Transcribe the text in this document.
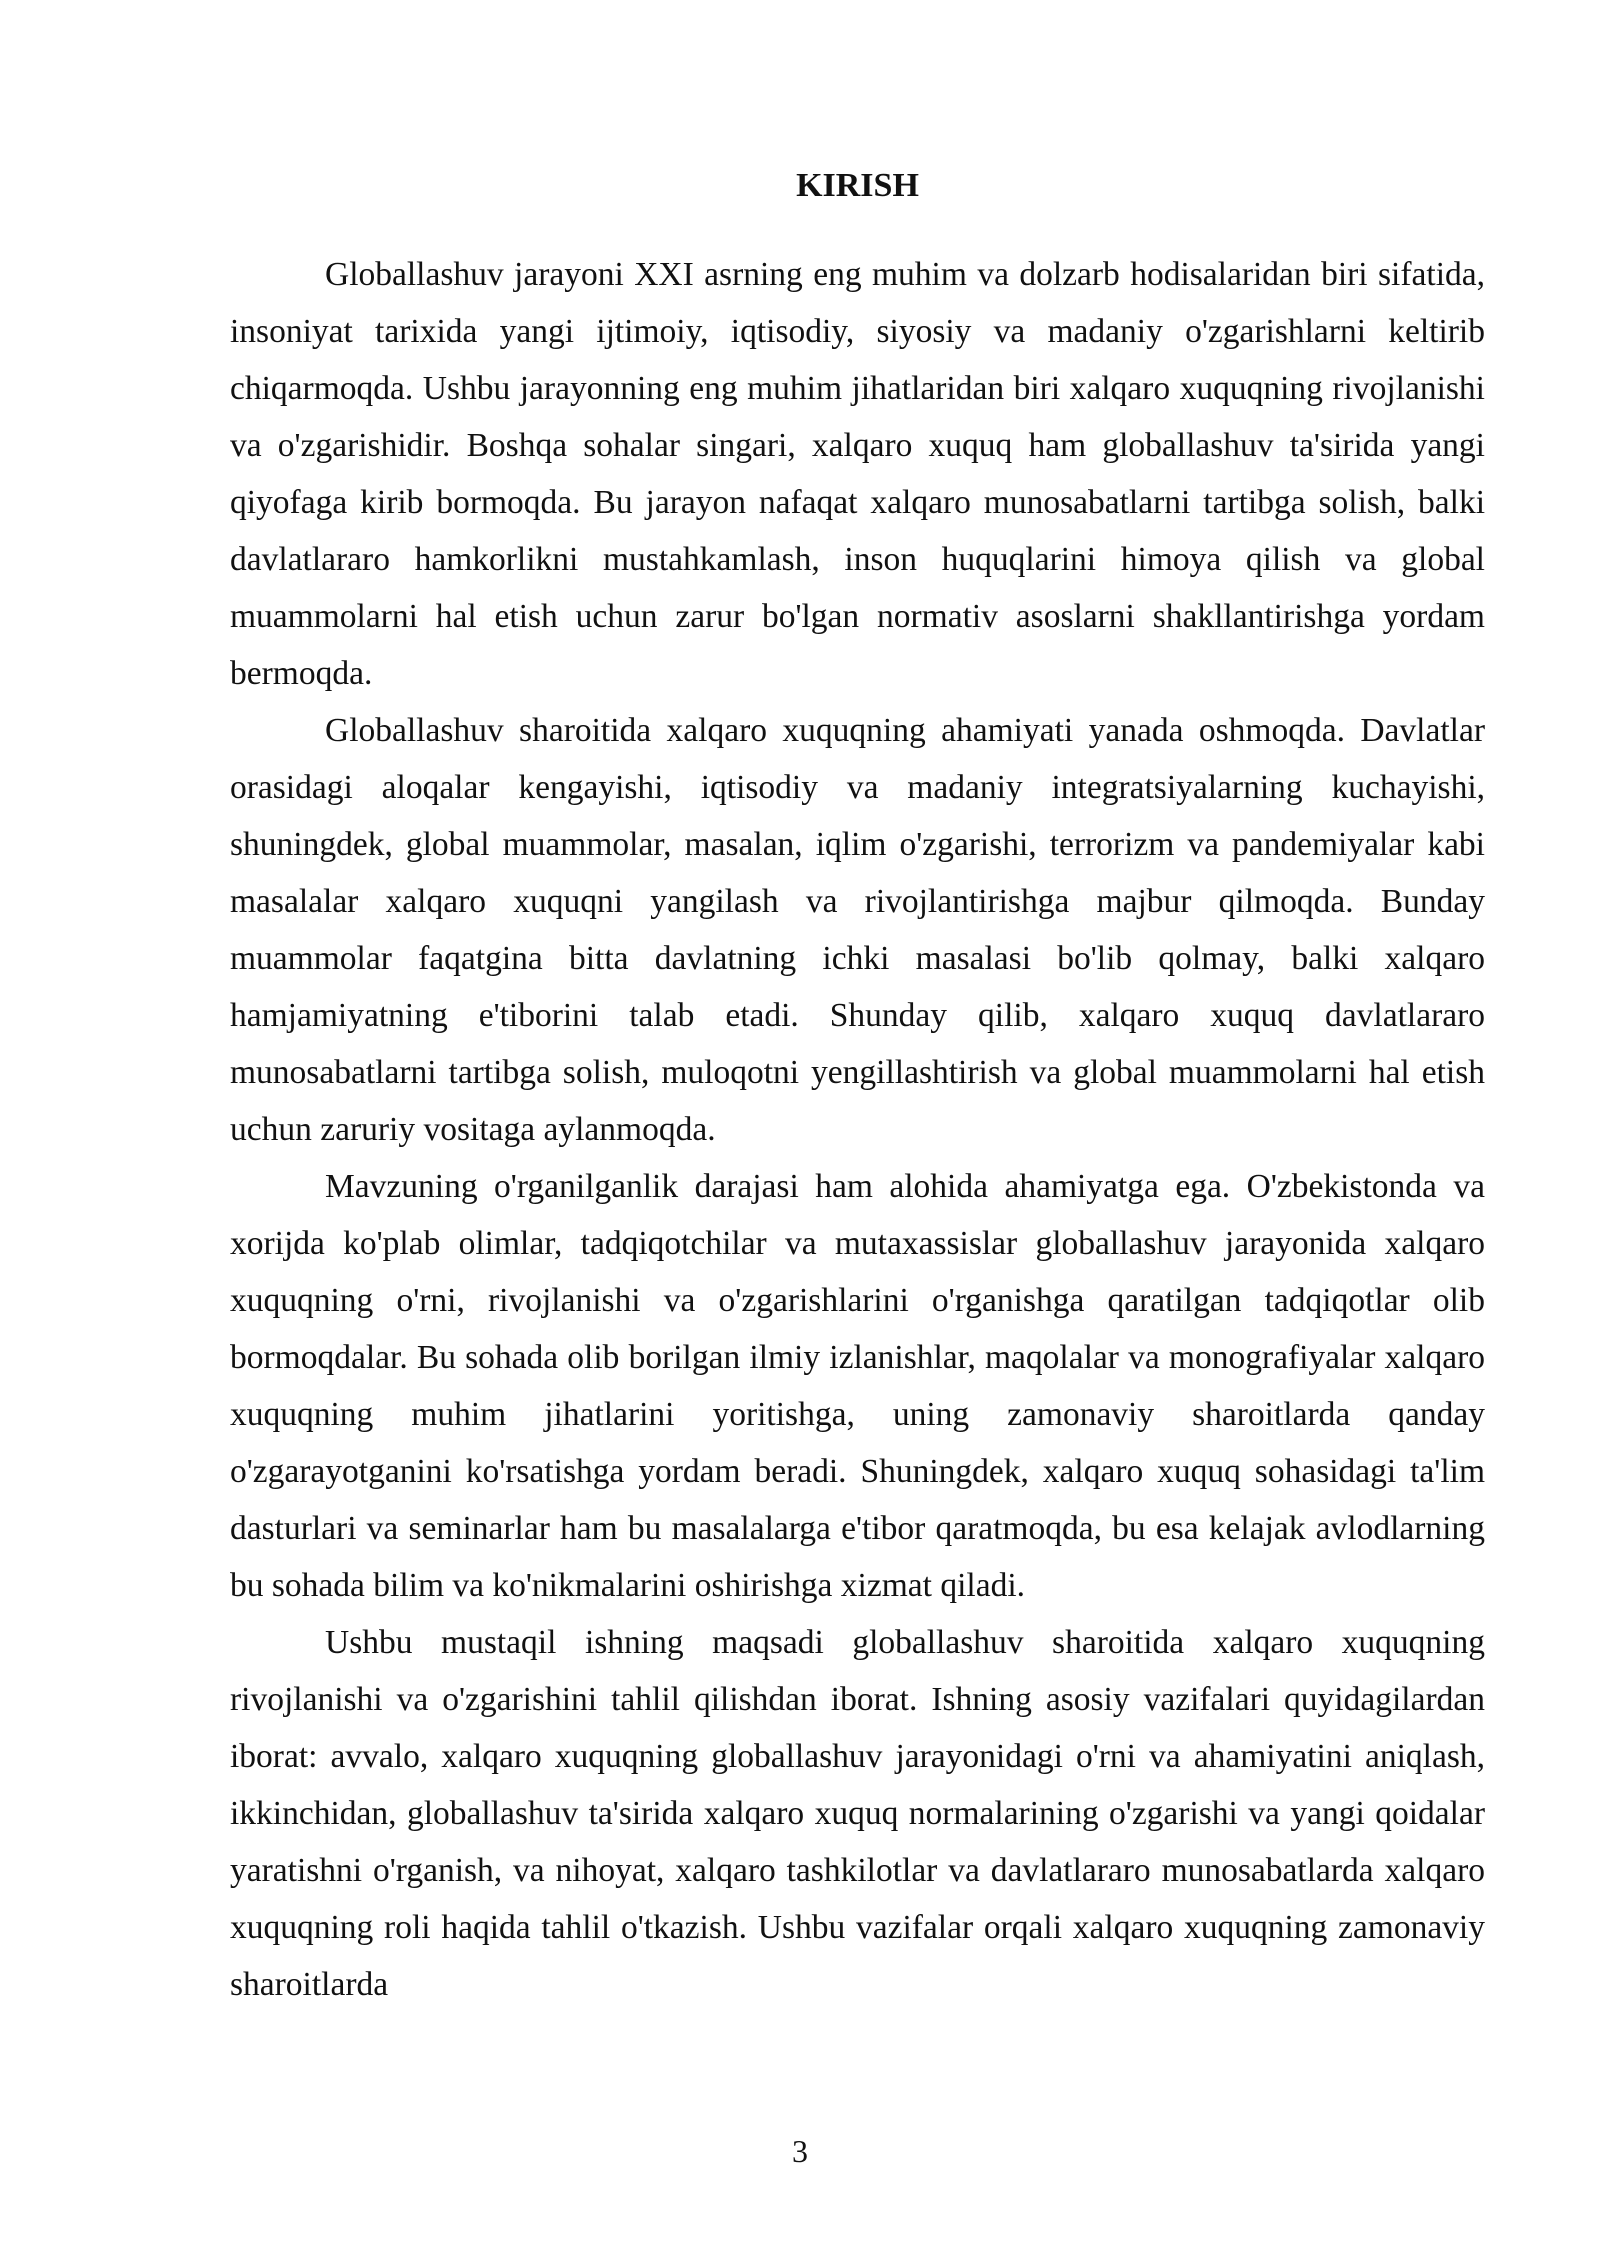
KIRISH

Globallashuv jarayoni XXI asrning eng muhim va dolzarb hodisalaridan biri sifatida, insoniyat tarixida yangi ijtimoiy, iqtisodiy, siyosiy va madaniy o'zgarishlarni keltirib chiqarmoqda. Ushbu jarayonning eng muhim jihatlaridan biri xalqaro xuquqning rivojlanishi va o'zgarishidir. Boshqa sohalar singari, xalqaro xuquq ham globallashuv ta'sirida yangi qiyofaga kirib bormoqda. Bu jarayon nafaqat xalqaro munosabatlarni tartibga solish, balki davlatlararo hamkorlikni mustahkamlash, inson huquqlarini himoya qilish va global muammolarni hal etish uchun zarur bo'lgan normativ asoslarni shakllantirishga yordam bermoqda.

Globallashuv sharoitida xalqaro xuquqning ahamiyati yanada oshmoqda. Davlatlar orasidagi aloqalar kengayishi, iqtisodiy va madaniy integratsiyalarning kuchayishi, shuningdek, global muammolar, masalan, iqlim o'zgarishi, terrorizm va pandemiyalar kabi masalalar xalqaro xuquqni yangilash va rivojlantirishga majbur qilmoqda. Bunday muammolar faqatgina bitta davlatning ichki masalasi bo'lib qolmay, balki xalqaro hamjamiyatning e'tiborini talab etadi. Shunday qilib, xalqaro xuquq davlatlararo munosabatlarni tartibga solish, muloqotni yengillashtirish va global muammolarni hal etish uchun zaruriy vositaga aylanmoqda.

Mavzuning o'rganilganlik darajasi ham alohida ahamiyatga ega. O'zbekistonda va xorijda ko'plab olimlar, tadqiqotchilar va mutaxassislar globallashuv jarayonida xalqaro xuquqning o'rni, rivojlanishi va o'zgarishlarini o'rganishga qaratilgan tadqiqotlar olib bormoqdalar. Bu sohada olib borilgan ilmiy izlanishlar, maqolalar va monografiyalar xalqaro xuquqning muhim jihatlarini yoritishga, uning zamonaviy sharoitlarda qanday o'zgarayotganini ko'rsatishga yordam beradi. Shuningdek, xalqaro xuquq sohasidagi ta'lim dasturlari va seminarlar ham bu masalalarga e'tibor qaratmoqda, bu esa kelajak avlodlarning bu sohada bilim va ko'nikmalarini oshirishga xizmat qiladi.

Ushbu mustaqil ishning maqsadi globallashuv sharoitida xalqaro xuquqning rivojlanishi va o'zgarishini tahlil qilishdan iborat. Ishning asosiy vazifalari quyidagilardan iborat: avvalo, xalqaro xuquqning globallashuv jarayonidagi o'rni va ahamiyatini aniqlash, ikkinchidan, globallashuv ta'sirida xalqaro xuquq normalarining o'zgarishi va yangi qoidalar yaratishni o'rganish, va nihoyat, xalqaro tashkilotlar va davlatlararo munosabatlarda xalqaro xuquqning roli haqida tahlil o'tkazish. Ushbu vazifalar orqali xalqaro xuquqning zamonaviy sharoitlarda

3
